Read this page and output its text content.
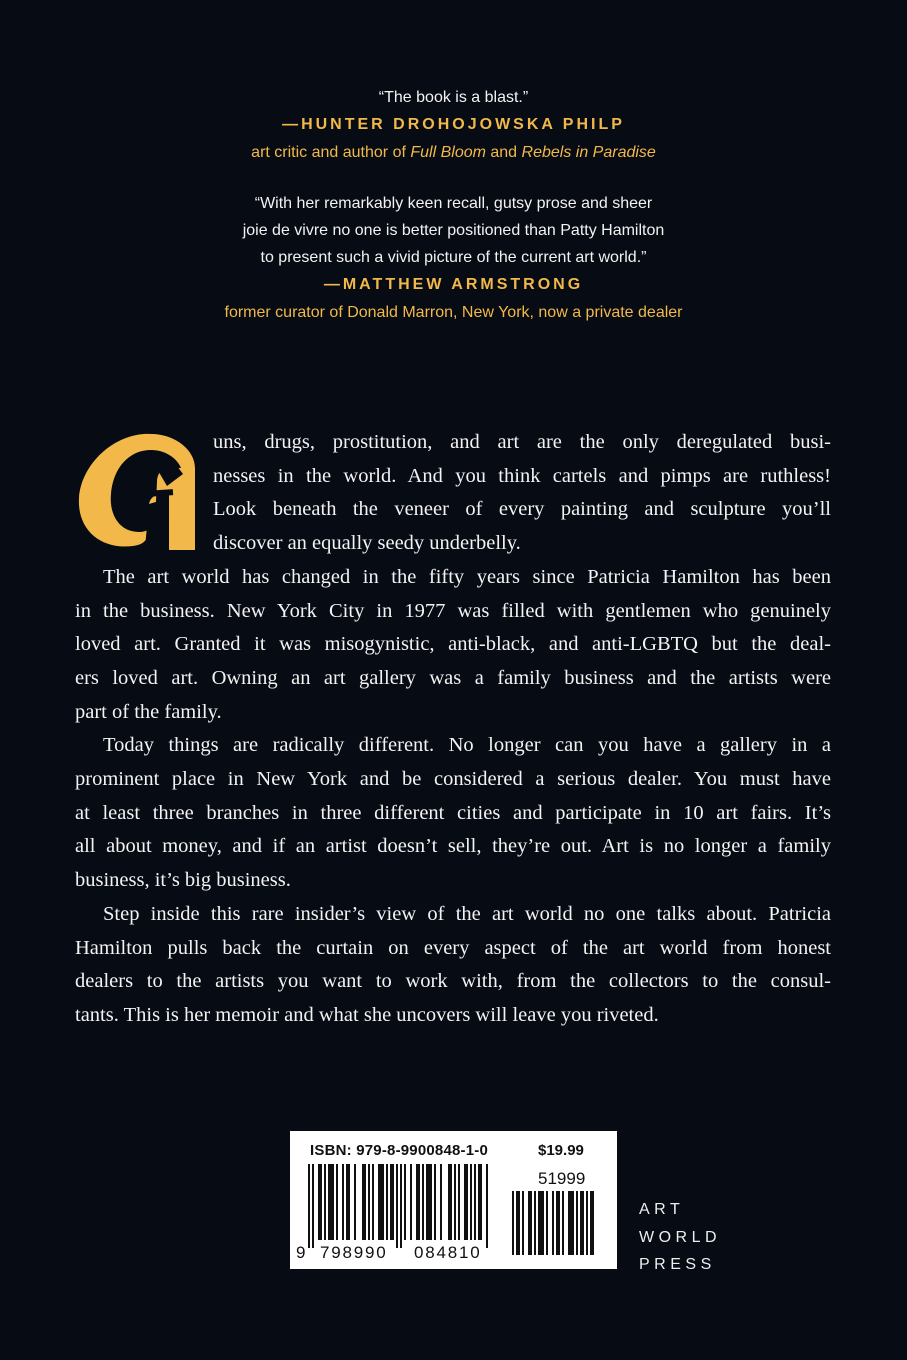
“The book is a blast.”

—HUNTER DROHOJOWSKA PHILP

art critic and author of Full Bloom and Rebels in Paradise

“With her remarkably keen recall, gutsy prose and sheer

joie de vivre no one is better positioned than Patty Hamilton

to present such a vivid picture of the current art world.”

—MATTHEW ARMSTRONG

former curator of Donald Marron, New York, now a private dealer

G
uns, drugs, prostitution, and art are the only deregulated busi-
nesses in the world. And you think cartels and pimps are ruthless!
Look beneath the veneer of every painting and sculpture you’ll
discover an equally seedy underbelly.

The art world has changed in the fifty years since Patricia Hamilton has been
in the business. New York City in 1977 was filled with gentlemen who genuinely
loved art. Granted it was misogynistic, anti-black, and anti-LGBTQ but the deal-
ers loved art. Owning an art gallery was a family business and the artists were
part of the family.

Today things are radically different. No longer can you have a gallery in a
prominent place in New York and be considered a serious dealer. You must have
at least three branches in three different cities and participate in 10 art fairs. It’s
all about money, and if an artist doesn’t sell, they’re out. Art is no longer a family
business, it’s big business.

Step inside this rare insider’s view of the art world no one talks about. Patricia
Hamilton pulls back the curtain on every aspect of the art world from honest
dealers to the artists you want to work with, from the collectors to the consul-
tants. This is her memoir and what she uncovers will leave you riveted.

ISBN: 979-8-9900848-1-0	$19.99
51999

9

798990

084810

ART
WORLD
PRESS
